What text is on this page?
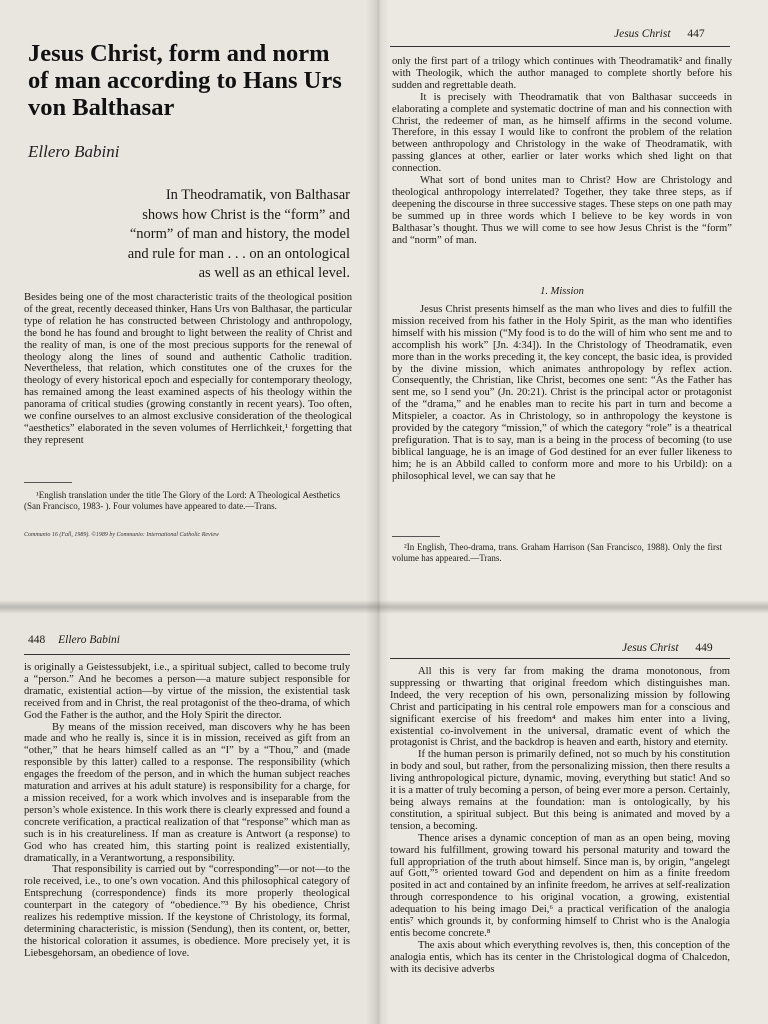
Jesus Christ, form and norm of man according to Hans Urs von Balthasar
Ellero Babini
In Theodramatik, von Balthasar
shows how Christ is the “form” and
“norm” of man and history, the model
and rule for man . . . on an ontological
as well as an ethical level.

Besides being one of the most characteristic traits of the theological position of the great, recently deceased thinker, Hans Urs von Balthasar, the particular type of relation he has constructed between Christology and anthropology, the bond he has found and brought to light between the reality of Christ and the reality of man, is one of the most precious supports for the renewal of theology along the lines of sound and authentic Catholic tradition. Nevertheless, that relation, which constitutes one of the cruxes for the theology of every historical epoch and especially for contemporary theology, has remained among the least examined aspects of his theology within the panorama of critical studies (growing constantly in recent years). Too often, we confine ourselves to an almost exclusive consideration of the theological “aesthetics” elaborated in the seven volumes of Herrlichkeit,¹ forgetting that they represent

¹English translation under the title The Glory of the Lord: A Theological Aesthetics (San Francisco, 1983- ). Four volumes have appeared to date.—Trans.

Communio 16 (Fall, 1989). ©1989 by Communio: International Catholic Review
Jesus Christ 447

only the first part of a trilogy which continues with Theodramatik² and finally with Theologik, which the author managed to complete shortly before his sudden and regrettable death.

It is precisely with Theodramatik that von Balthasar succeeds in elaborating a complete and systematic doctrine of man and his connection with Christ, the redeemer of man, as he himself affirms in the second volume. Therefore, in this essay I would like to confront the problem of the relation between anthropology and Christology in the wake of Theodramatik, with passing glances at other, earlier or later works which shed light on that connection.

What sort of bond unites man to Christ? How are Christology and theological anthropology interrelated? Together, they take three steps, as if deepening the discourse in three successive stages. These steps on one path may be summed up in three words which I believe to be key words in von Balthasar’s thought. Thus we will come to see how Jesus Christ is the “form” and “norm” of man.

1. Mission

Jesus Christ presents himself as the man who lives and dies to fulfill the mission received from his father in the Holy Spirit, as the man who identifies himself with his mission (“My food is to do the will of him who sent me and to accomplish his work” [Jn. 4:34]). In the Christology of Theodramatik, even more than in the works preceding it, the key concept, the basic idea, is provided by the divine mission, which animates anthropology by reflex action. Consequently, the Christian, like Christ, becomes one sent: “As the Father has sent me, so I send you” (Jn. 20:21). Christ is the principal actor or protagonist of the “drama,” and he enables man to recite his part in turn and become a Mitspieler, a coactor. As in Christology, so in anthropology the keystone is provided by the category “mission,” of which the category “role” is a theatrical prefiguration. That is to say, man is a being in the process of becoming (to use biblical language, he is an image of God destined for an ever fuller likeness to him; he is an Abbild called to conform more and more to his Urbild): on a philosophical level, we can say that he

²In English, Theo-drama, trans. Graham Harrison (San Francisco, 1988). Only the first volume has appeared.—Trans.

448 Ellero Babini

is originally a Geistessubjekt, i.e., a spiritual subject, called to become truly a “person.” And he becomes a person—a mature subject responsible for dramatic, existential action—by virtue of the mission, the existential task received from and in Christ, the real protagonist of the theo-drama, of which God the Father is the author, and the Holy Spirit the director.

By means of the mission received, man discovers why he has been made and who he really is, since it is in mission, received as gift from an “other,” that he hears himself called as an “I” by a “Thou,” and (made responsible by this latter) called to a response. The responsibility (which engages the freedom of the person, and in which the human subject reaches maturation and arrives at his adult stature) is responsibility for a charge, for a mission received, for a work which involves and is inseparable from the person’s whole existence. In this work there is clearly expressed and found a concrete verification, a practical realization of that “response” which man as such is in his creatureliness. If man as creature is Antwort (a response) to God who has created him, this starting point is realized existentially, dramatically, in a Verantwortung, a responsibility.

That responsibility is carried out by “corresponding”—or not—to the role received, i.e., to one’s own vocation. And this philosophical category of Entsprechung (correspondence) finds its more properly theological counterpart in the category of “obedience.”³ By his obedience, Christ realizes his redemptive mission. If the keystone of Christology, its formal, determining characteristic, is mission (Sendung), then its content, or, better, the historical coloration it assumes, is obedience. More precisely yet, it is Liebesgehorsam, an obedience of love.

Jesus Christ 449

All this is very far from making the drama monotonous, from suppressing or thwarting that original freedom which distinguishes man. Indeed, the very reception of his own, personalizing mission by following Christ and participating in his central role empowers man for a conscious and significant exercise of his freedom⁴ and makes him enter into a living, existential co-involvement in the universal, dramatic event of which the protagonist is Christ, and the backdrop is heaven and earth, history and eternity.

If the human person is primarily defined, not so much by his constitution in body and soul, but rather, from the personalizing mission, then there results a living anthropological picture, dynamic, moving, everything but static! And so it is a matter of truly becoming a person, of being ever more a person. Certainly, being always remains at the foundation: man is ontologically, by his constitution, a spiritual subject. But this being is animated and moved by a tension, a becoming.

Thence arises a dynamic conception of man as an open being, moving toward his fulfillment, growing toward his personal maturity and toward the full appropriation of the truth about himself. Since man is, by origin, “angelegt auf Gott,”⁵ oriented toward God and dependent on him as a finite freedom posited in act and contained by an infinite freedom, he arrives at self-realization through correspondence to his original vocation, a growing, existential adequation to his being imago Dei,⁶ a practical verification of the analogia entis⁷ which grounds it, by conforming himself to Christ who is the Analogia entis become concrete.⁸

The axis about which everything revolves is, then, this conception of the analogia entis, which has its center in the Christological dogma of Chalcedon, with its decisive adverbs
